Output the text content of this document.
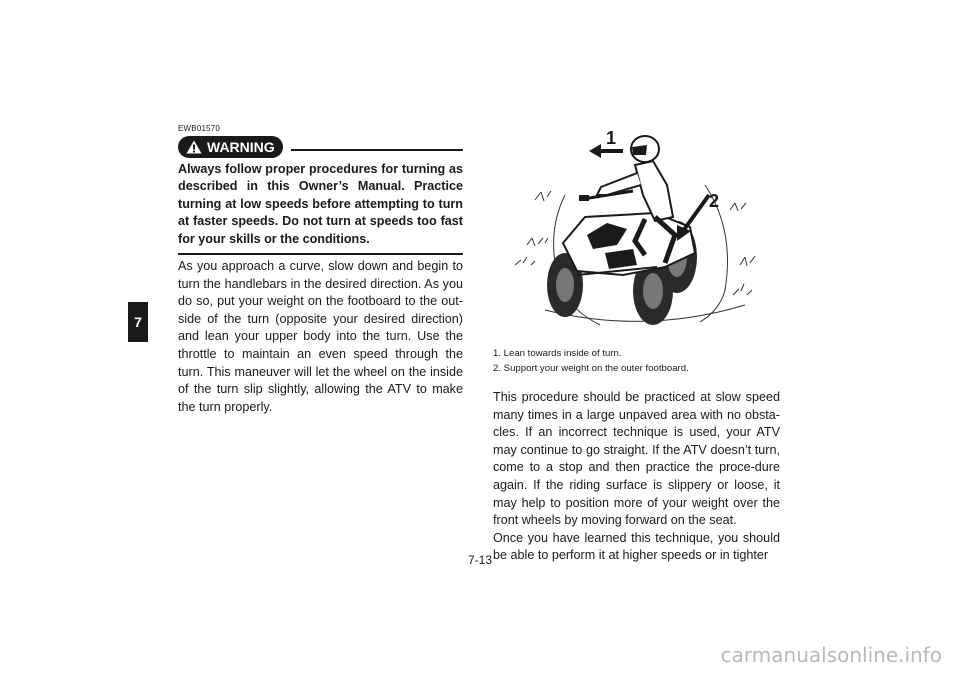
7
EWB01570
WARNING
Always follow proper procedures for turning as described in this Owner’s Manual. Practice turning at low speeds before attempting to turn at faster speeds. Do not turn at speeds too fast for your skills or the conditions.

As you approach a curve, slow down and begin to turn the handlebars in the desired direction. As you do so, put your weight on the footboard to the out-side of the turn (opposite your desired direction) and lean your upper body into the turn. Use the throttle to maintain an even speed through the turn. This maneuver will let the wheel on the inside of the turn slip slightly, allowing the ATV to make the turn properly.

1
2
1. Lean towards inside of turn.
2. Support your weight on the outer footboard.

This procedure should be practiced at slow speed many times in a large unpaved area with no obsta-cles. If an incorrect technique is used, your ATV may continue to go straight. If the ATV doesn’t turn, come to a stop and then practice the proce-dure again. If the riding surface is slippery or loose, it may help to position more of your weight over the front wheels by moving forward on the seat.

Once you have learned this technique, you should be able to perform it at higher speeds or in tighter

7-13
carmanualsonline.info
